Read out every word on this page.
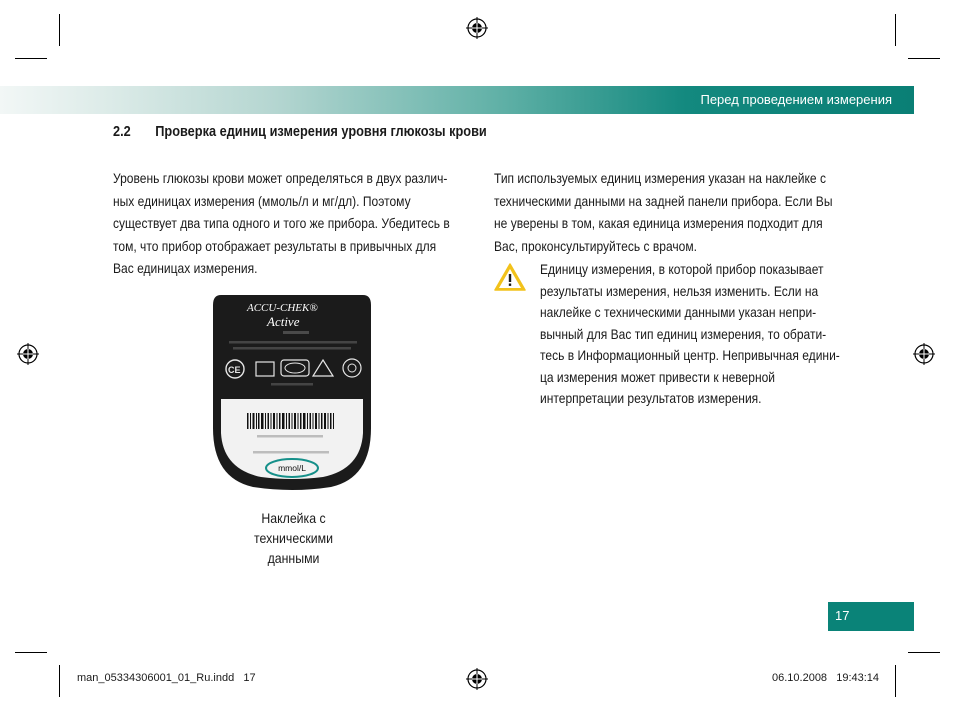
Перед проведением измерения
2.2 Проверка единиц измерения уровня глюкозы крови
Уровень глюкозы крови может определяться в двух различ-
ных единицах измерения (ммоль/л и мг/дл). Поэтому
существует два типа одного и того же прибора. Убедитесь в
том, что прибор отображает результаты в привычных для
Вас единицах измерения.
Тип используемых единиц измерения указан на наклейке с
техническими данными на задней панели прибора. Если Вы
не уверены в том, какая единица измерения подходит для
Вас, проконсультируйтесь с врачом.
Единицу измерения, в которой прибор показывает
результаты измерения, нельзя изменить. Если на
наклейке с техническими данными указан непри-
вычный для Вас тип единиц измерения, то обрати-
тесь в Информационный центр. Непривычная едини-
ца измерения может привести к неверной
интерпретации результатов измерения.
ACCU-CHEK®
Active
CE
mmol/L
Наклейка с техническими
данными
17
man_05334306001_01_Ru.indd   17	06.10.2008   19:43:14
